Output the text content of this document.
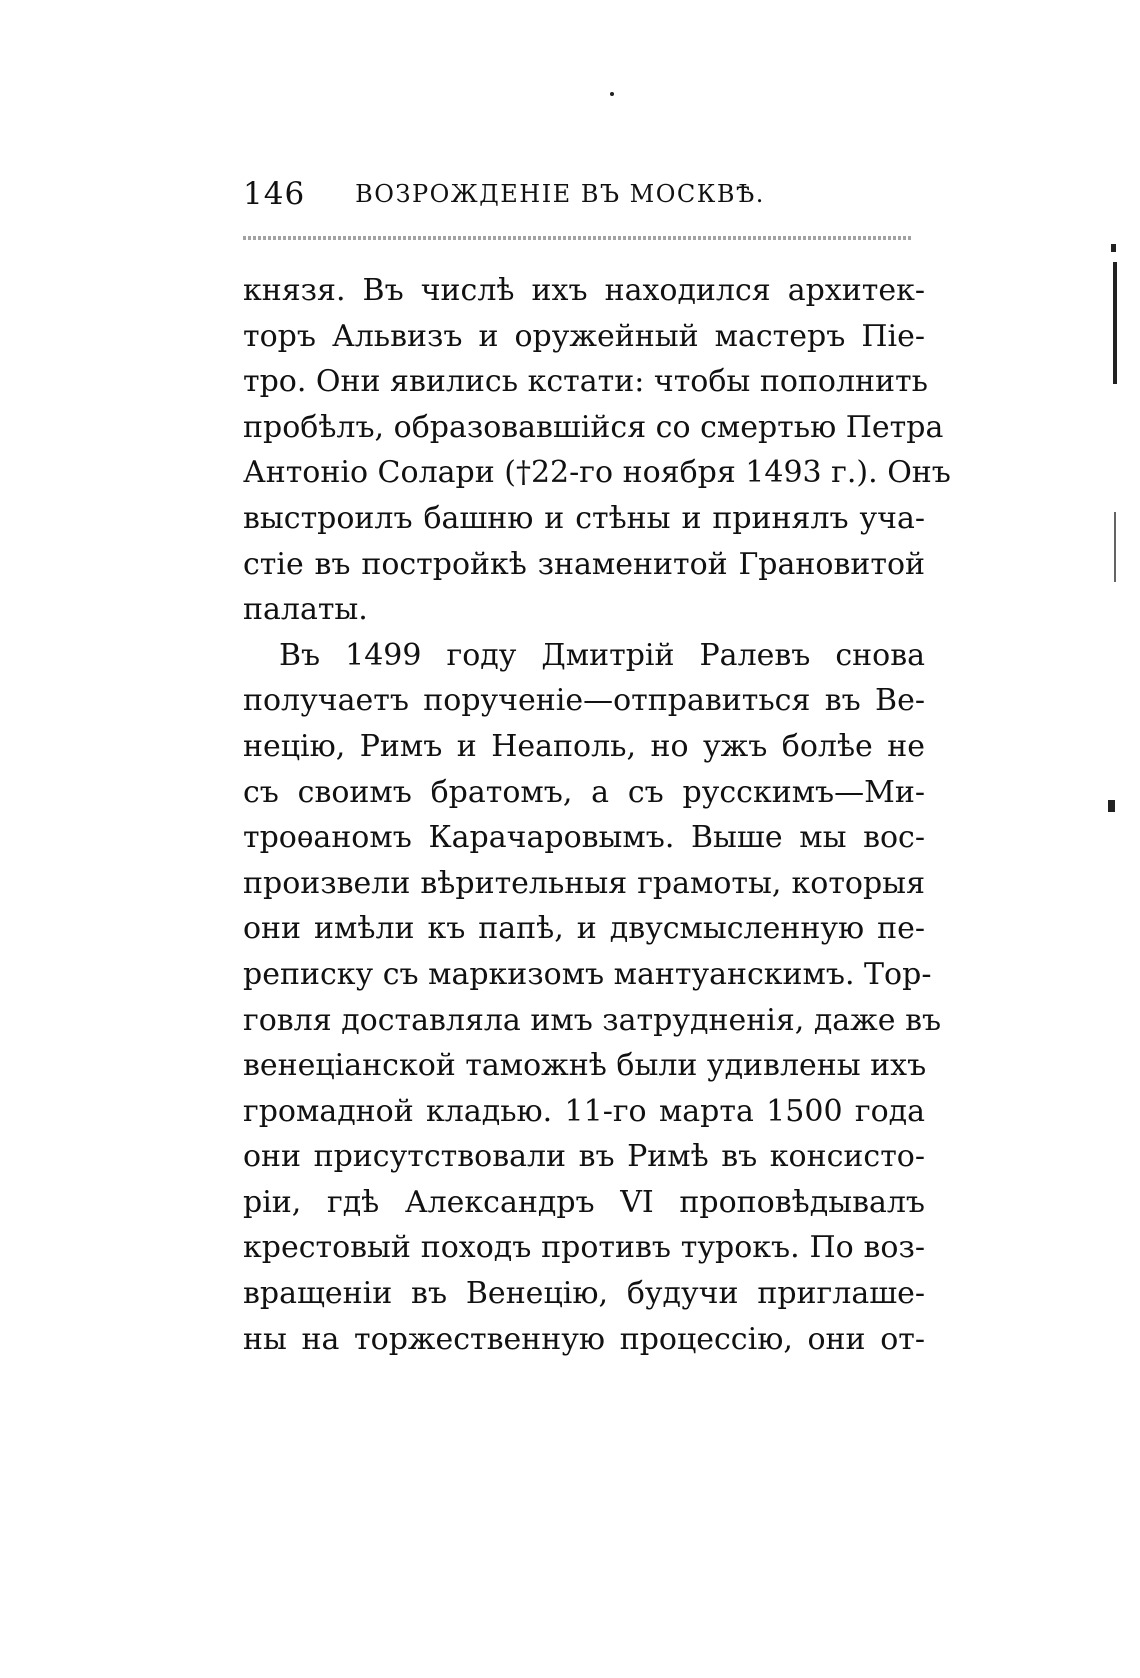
146 ВОЗРОЖДЕНІЕ ВЪ МОСКВѢ.
князя. Въ числѣ ихъ находился архитек-
торъ Альвизъ и оружейный мастеръ Піе-
тро. Они явились кстати: чтобы пополнить
пробѣлъ, образовавшійся со смертью Петра
Антоніо Солари (†22-го ноября 1493 г.). Онъ
выстроилъ башню и стѣны и принялъ уча-
стіе въ постройкѣ знаменитой Грановитой
палаты.
Въ 1499 году Дмитрій Ралевъ снова
получаетъ порученіе—отправиться въ Ве-
нецію, Римъ и Неаполь, но ужъ болѣе не
съ своимъ братомъ, а съ русскимъ—Ми-
троѳаномъ Карачаровымъ. Выше мы вос-
произвели вѣрительныя грамоты, которыя
они имѣли къ папѣ, и двусмысленную пе-
реписку съ маркизомъ мантуанскимъ. Тор-
говля доставляла имъ затрудненія, даже въ
венеціанской таможнѣ были удивлены ихъ
громадной кладью. 11-го марта 1500 года
они присутствовали въ Римѣ въ консисто-
ріи, гдѣ Александръ VI проповѣдывалъ
крестовый походъ противъ турокъ. По воз-
вращеніи въ Венецію, будучи приглаше-
ны на торжественную процессію, они от-
